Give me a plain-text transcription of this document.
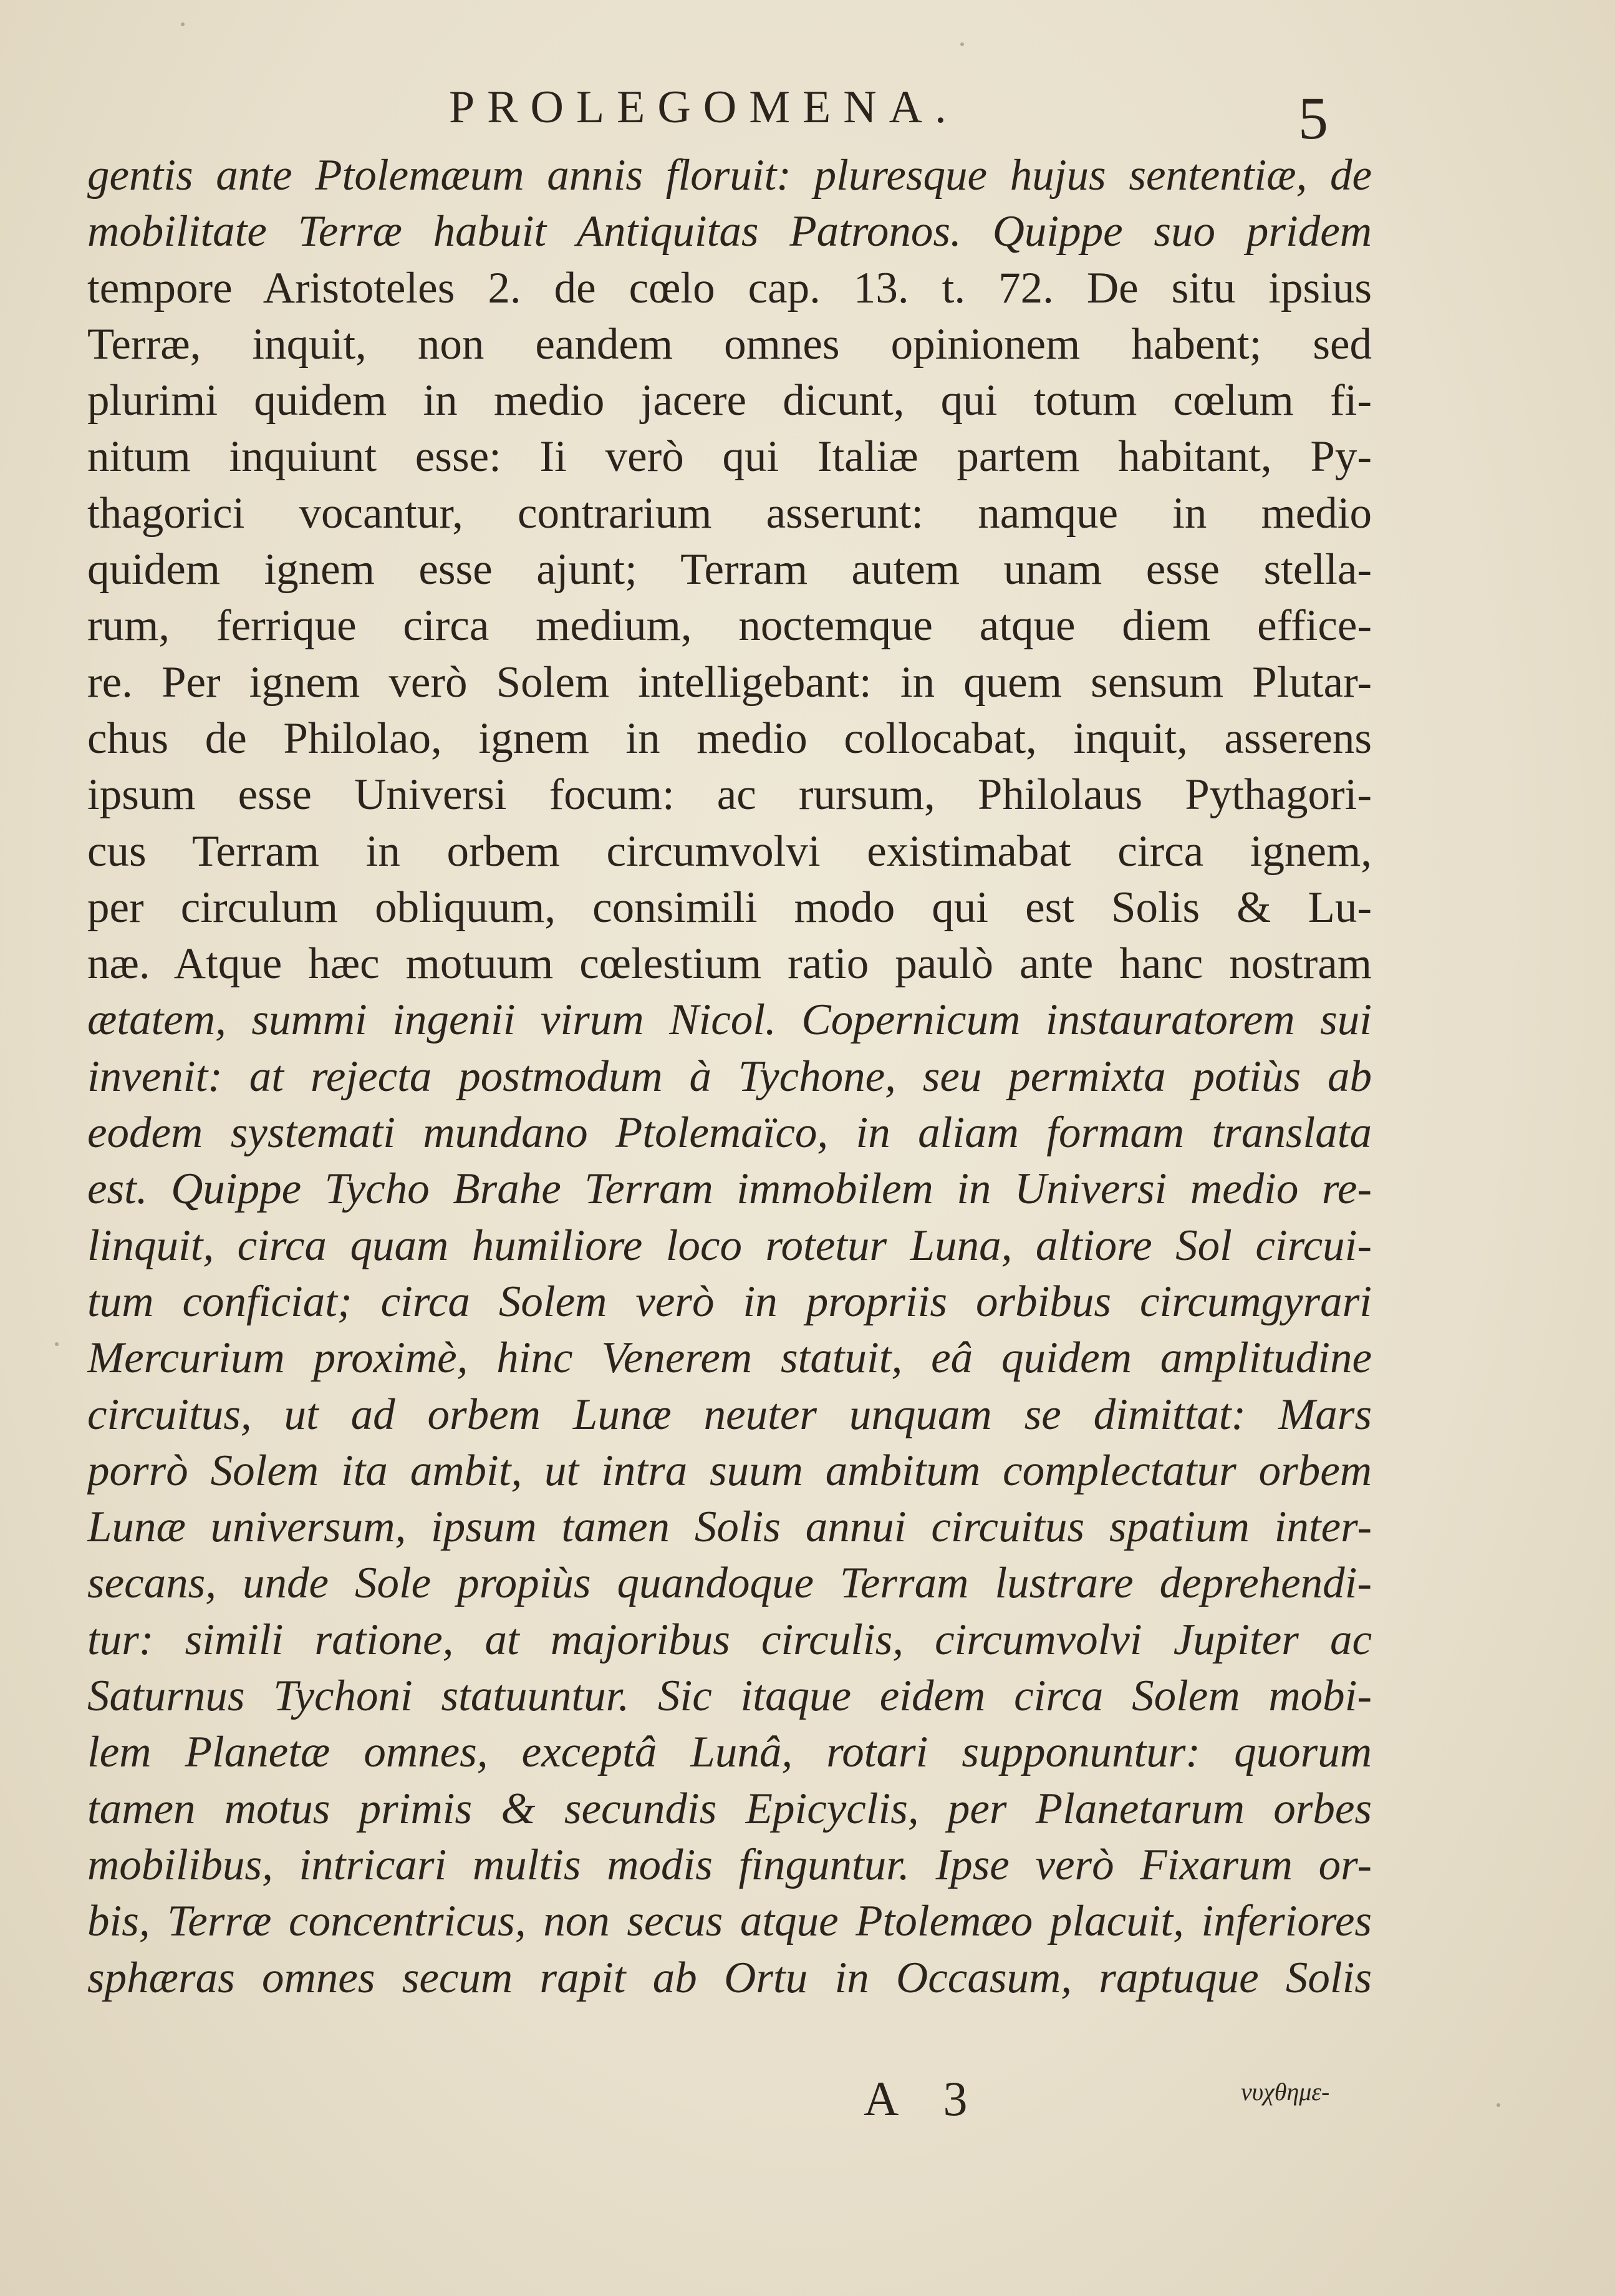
PROLEGOMENA.	5
gentis ante Ptolemæum annis floruit: pluresque hujus sententiæ, de
mobilitate Terræ habuit Antiquitas Patronos. Quippe suo pridem
tempore Aristoteles 2. de cœlo cap. 13. t. 72. De situ ipsius
Terræ, inquit, non eandem omnes opinionem habent; sed
plurimi quidem in medio jacere dicunt, qui totum cœlum fi-
nitum inquiunt esse: Ii verò qui Italiæ partem habitant, Py-
thagorici vocantur, contrarium asserunt: namque in medio
quidem ignem esse ajunt; Terram autem unam esse stella-
rum, ferrique circa medium, noctemque atque diem effice-
re. Per ignem verò Solem intelligebant: in quem sensum Plutar-
chus de Philolao, ignem in medio collocabat, inquit, asserens
ipsum esse Universi focum: ac rursum, Philolaus Pythagori-
cus Terram in orbem circumvolvi existimabat circa ignem,
per circulum obliquum, consimili modo qui est Solis & Lu-
næ. Atque hæc motuum cœlestium ratio paulò ante hanc nostram
ætatem, summi ingenii virum Nicol. Copernicum instauratorem sui
invenit: at rejecta postmodum à Tychone, seu permixta potiùs ab
eodem systemati mundano Ptolemaïco, in aliam formam translata
est. Quippe Tycho Brahe Terram immobilem in Universi medio re-
linquit, circa quam humiliore loco rotetur Luna, altiore Sol circui-
tum conficiat; circa Solem verò in propriis orbibus circumgyrari
Mercurium proximè, hinc Venerem statuit, eâ quidem amplitudine
circuitus, ut ad orbem Lunæ neuter unquam se dimittat: Mars
porrò Solem ita ambit, ut intra suum ambitum complectatur orbem
Lunæ universum, ipsum tamen Solis annui circuitus spatium inter-
secans, unde Sole propiùs quandoque Terram lustrare deprehendi-
tur: simili ratione, at majoribus circulis, circumvolvi Jupiter ac
Saturnus Tychoni statuuntur. Sic itaque eidem circa Solem mobi-
lem Planetæ omnes, exceptâ Lunâ, rotari supponuntur: quorum
tamen motus primis & secundis Epicyclis, per Planetarum orbes
mobilibus, intricari multis modis finguntur. Ipse verò Fixarum or-
bis, Terræ concentricus, non secus atque Ptolemæo placuit, inferiores
sphæras omnes secum rapit ab Ortu in Occasum, raptuque Solis
A 3	νυχθημε-
